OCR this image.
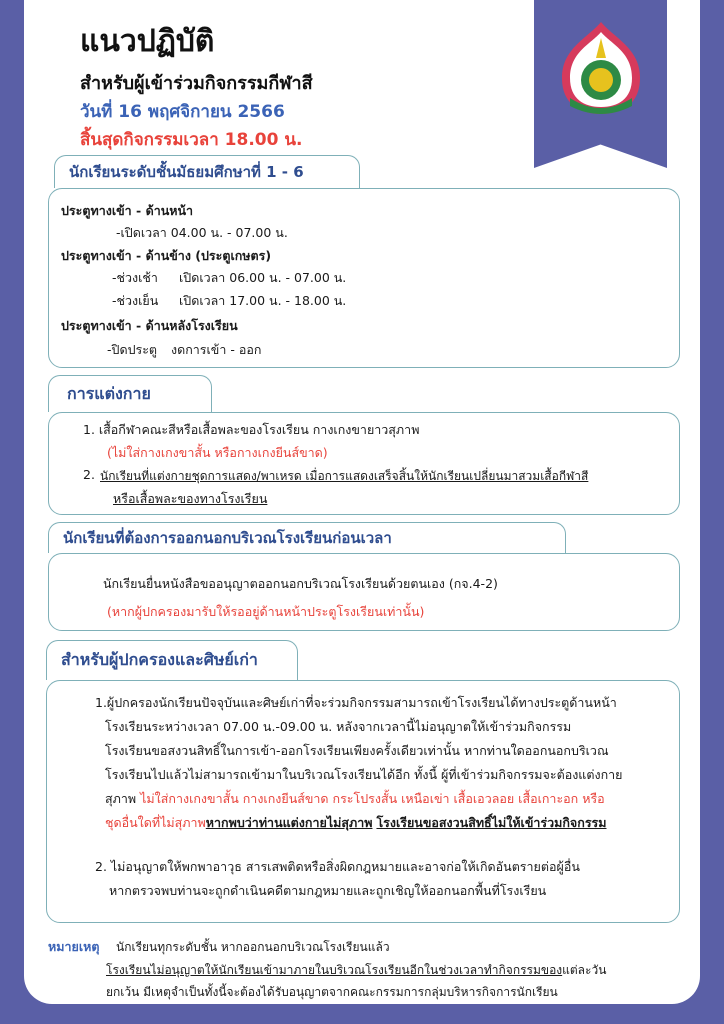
แนวปฏิบัติ
สำหรับผู้เข้าร่วมกิจกรรมกีฬาสี
วันที่ 16 พฤศจิกายน 2566
สิ้นสุดกิจกรรมเวลา 18.00 น.
นักเรียนระดับชั้นมัธยมศึกษาที่ 1 - 6
ประตูทางเข้า - ด้านหน้า
-เปิดเวลา 04.00 น. - 07.00 น.
ประตูทางเข้า - ด้านข้าง (ประตูเกษตร)
-ช่วงเช้า เปิดเวลา 06.00 น. - 07.00 น.
-ช่วงเย็น เปิดเวลา 17.00 น. - 18.00 น.
ประตูทางเข้า - ด้านหลังโรงเรียน
-ปิดประตู งดการเข้า - ออก
การแต่งกาย
1. เสื้อกีฬาคณะสีหรือเสื้อพละของโรงเรียน กางเกงขายาวสุภาพ
(ไม่ใส่กางเกงขาสั้น หรือกางเกงยีนส์ขาด)
2. นักเรียนที่แต่งกายชุดการแสดง/พาเหรด เมื่อการแสดงเสร็จสิ้นให้นักเรียนเปลี่ยนมาสวมเสื้อกีฬาสี
หรือเสื้อพละของทางโรงเรียน
นักเรียนที่ต้องการออกนอกบริเวณโรงเรียนก่อนเวลา
นักเรียนยื่นหนังสือขออนุญาตออกนอกบริเวณโรงเรียนด้วยตนเอง (กจ.4-2)
(หากผู้ปกครองมารับให้รออยู่ด้านหน้าประตูโรงเรียนเท่านั้น)
สำหรับผู้ปกครองและศิษย์เก่า
1.ผู้ปกครองนักเรียนปัจจุบันและศิษย์เก่าที่จะร่วมกิจกรรมสามารถเข้าโรงเรียนได้ทางประตูด้านหน้า
โรงเรียนระหว่างเวลา 07.00 น.-09.00 น. หลังจากเวลานี้ไม่อนุญาตให้เข้าร่วมกิจกรรม
โรงเรียนขอสงวนสิทธิ์ในการเข้า-ออกโรงเรียนเพียงครั้งเดียวเท่านั้น หากท่านใดออกนอกบริเวณ
โรงเรียนไปแล้วไม่สามารถเข้ามาในบริเวณโรงเรียนได้อีก ทั้งนี้ ผู้ที่เข้าร่วมกิจกรรมจะต้องแต่งกาย
สุภาพ ไม่ใส่กางเกงขาสั้น กางเกงยีนส์ขาด กระโปรงสั้น เหนือเข่า เสื้อเอวลอย เสื้อเกาะอก หรือ
ชุดอื่นใดที่ไม่สุภาพหากพบว่าท่านแต่งกายไม่สุภาพ โรงเรียนขอสงวนสิทธิ์ไม่ให้เข้าร่วมกิจกรรม
2. ไม่อนุญาตให้พกพาอาวุธ สารเสพติดหรือสิ่งผิดกฎหมายและอาจก่อให้เกิดอันตรายต่อผู้อื่น
หากตรวจพบท่านจะถูกดำเนินคดีตามกฎหมายและถูกเชิญให้ออกนอกพื้นที่โรงเรียน
หมายเหตุ นักเรียนทุกระดับชั้น หากออกนอกบริเวณโรงเรียนแล้ว
โรงเรียนไม่อนุญาตให้นักเรียนเข้ามาภายในบริเวณโรงเรียนอีกในช่วงเวลาทำกิจกรรมของแต่ละวัน
ยกเว้น มีเหตุจำเป็นทั้งนี้จะต้องได้รับอนุญาตจากคณะกรรมการกลุ่มบริหารกิจการนักเรียน
